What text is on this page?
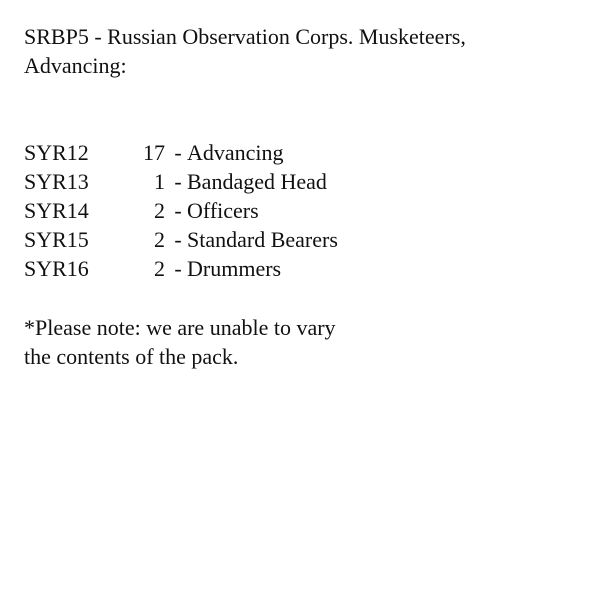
SRBP5 - Russian Observation Corps. Musketeers,
Advancing:
SYR12	17 - Advancing
SYR13	1 - Bandaged Head
SYR14	2 - Officers
SYR15	2 - Standard Bearers
SYR16	2 - Drummers
*Please note: we are unable to vary
the contents of the pack.
